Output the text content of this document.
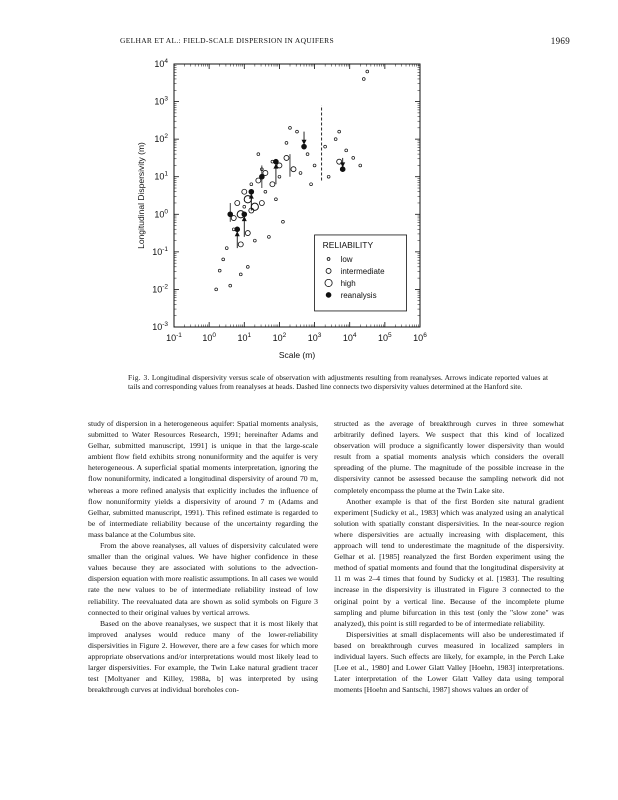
GELHAR ET AL.: FIELD-SCALE DISPERSION IN AQUIFERS	1969
$10^{-1}$ $10^0$ $10^1$ $10^2$ $10^3$ $10^4$ $10^5$ $10^6$
$10^{-3}$
$10^{-2}$
$10^{-1}$
$10^0$
$10^1$
$10^2$
$10^3$
$10^4$
Scale (m)
Longitudinal Dispersivity (m)	RELIABILITY
low
intermediate
high
reanalysis
Fig. 3. Longitudinal dispersivity versus scale of observation with adjustments resulting from reanalyses. Arrows indicate reported values at tails and corresponding values from reanalyses at heads. Dashed line connects two dispersivity values determined at the Hanford site.

study of dispersion in a heterogeneous aquifer: Spatial moments analysis, submitted to Water Resources Research, 1991; hereinafter Adams and Gelhar, submitted manuscript, 1991] is unique in that the large-scale ambient flow field exhibits strong nonuniformity and the aquifer is very heterogeneous. A superficial spatial moments interpretation, ignoring the flow nonuniformity, indicated a longitudinal dispersivity of around 70 m, whereas a more refined analysis that explicitly includes the influence of flow nonuniformity yields a dispersivity of around 7 m (Adams and Gelhar, submitted manuscript, 1991). This refined estimate is regarded to be of intermediate reliability because of the uncertainty regarding the mass balance at the Columbus site.

From the above reanalyses, all values of dispersivity calculated were smaller than the original values. We have higher confidence in these values because they are associated with solutions to the advection-dispersion equation with more realistic assumptions. In all cases we would rate the new values to be of intermediate reliability instead of low reliability. The reevaluated data are shown as solid symbols on Figure 3 connected to their original values by vertical arrows.

Based on the above reanalyses, we suspect that it is most likely that improved analyses would reduce many of the lower-reliability dispersivities in Figure 2. However, there are a few cases for which more appropriate observations and/or interpretations would most likely lead to larger dispersivities. For example, the Twin Lake natural gradient tracer test [Moltyaner and Killey, 1988a, b] was interpreted by using breakthrough curves at individual boreholes con-

structed as the average of breakthrough curves in three somewhat arbitrarily defined layers. We suspect that this kind of localized observation will produce a significantly lower dispersivity than would result from a spatial moments analysis which considers the overall spreading of the plume. The magnitude of the possible increase in the dispersivity cannot be assessed because the sampling network did not completely encompass the plume at the Twin Lake site.

Another example is that of the first Borden site natural gradient experiment [Sudicky et al., 1983] which was analyzed using an analytical solution with spatially constant dispersivities. In the near-source region where dispersivities are actually increasing with displacement, this approach will tend to underestimate the magnitude of the dispersivity. Gelhar et al. [1985] reanalyzed the first Borden experiment using the method of spatial moments and found that the longitudinal dispersivity at 11 m was 2–4 times that found by Sudicky et al. [1983]. The resulting increase in the dispersivity is illustrated in Figure 3 connected to the original point by a vertical line. Because of the incomplete plume sampling and plume bifurcation in this test (only the "slow zone" was analyzed), this point is still regarded to be of intermediate reliability.

Dispersivities at small displacements will also be underestimated if based on breakthrough curves measured in localized samplers in individual layers. Such effects are likely, for example, in the Perch Lake [Lee et al., 1980] and Lower Glatt Valley [Hoehn, 1983] interpretations. Later interpretation of the Lower Glatt Valley data using temporal moments [Hoehn and Santschi, 1987] shows values an order of
